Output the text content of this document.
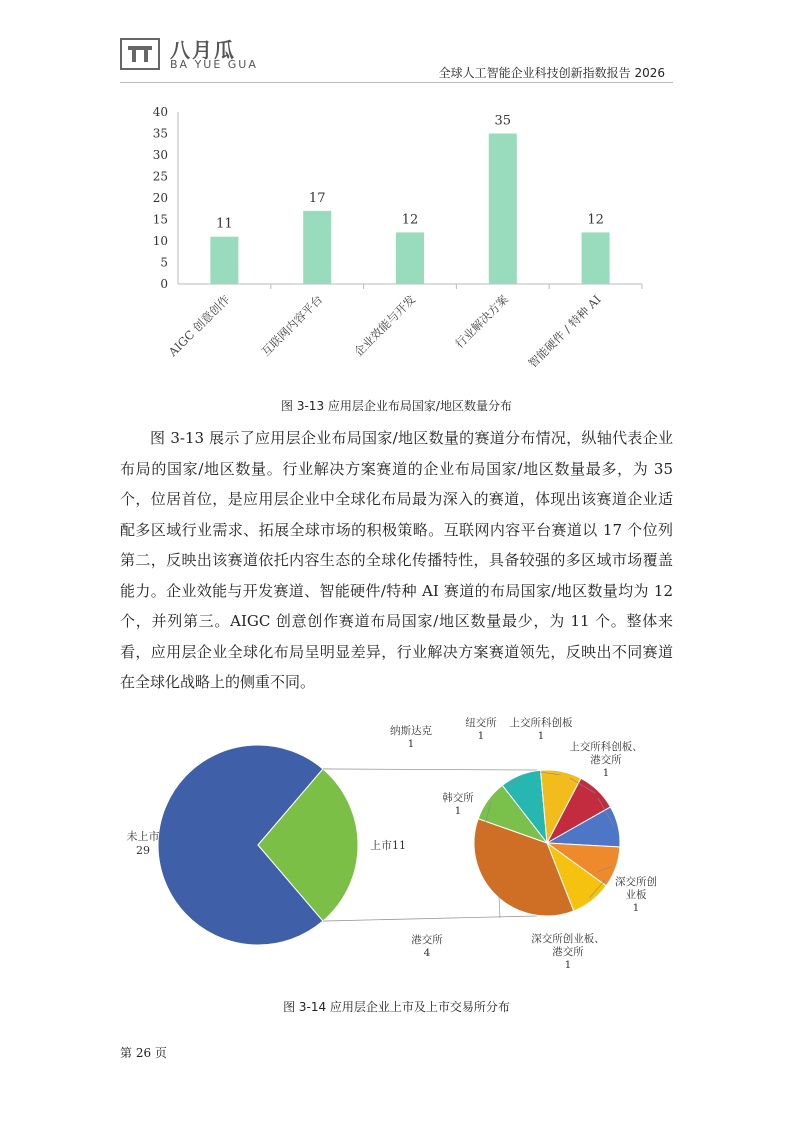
八月瓜
BA YUE GUA
全球人工智能企业科技创新指数报告 2026
0
5
10
15
20
25
30
35
40
AIGC 创意创作 互联网内容平台 企业效能与开发	行业解决方案 智能硬件 / 特种 AI
11
17
12
35
12
图 3-13 应用层企业布局国家/地区数量分布

图 3-13 展示了应用层企业布局国家/地区数量的赛道分布情况，纵轴代表企业布局的国家/地区数量。行业解决方案赛道的企业布局国家/地区数量最多，为 35 个，位居首位，是应用层企业中全球化布局最为深入的赛道，体现出该赛道企业适配多区域行业需求、拓展全球市场的积极策略。互联网内容平台赛道以 17 个位列第二，反映出该赛道依托内容生态的全球化传播特性，具备较强的多区域市场覆盖能力。企业效能与开发赛道、智能硬件/特种 AI 赛道的布局国家/地区数量均为 12 个，并列第三。AIGC 创意创作赛道布局国家/地区数量最少，为 11 个。整体来看，应用层企业全球化布局呈明显差异，行业解决方案赛道领先，反映出不同赛道在全球化战略上的侧重不同。

未上市
29	上市11
纳斯达克 1
纽交所 1
上交所科创板 1
上交所科创板、港交所 1
深交所创业板 1
深交所创业板、港交所 1
港交所 4
韩交所 1
图 3-14 应用层企业上市及上市交易所分布
第 26 页
